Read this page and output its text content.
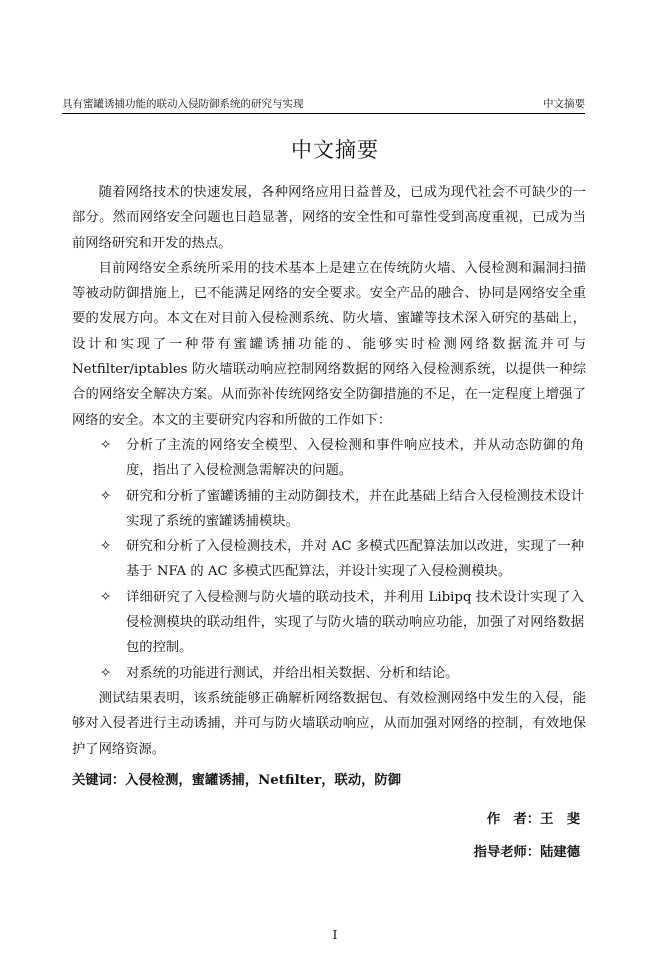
具有蜜罐诱捕功能的联动入侵防御系统的研究与实现	中文摘要
中文摘要

随着网络技术的快速发展，各种网络应用日益普及，已成为现代社会不可缺少的一部分。然而网络安全问题也日趋显著，网络的安全性和可靠性受到高度重视，已成为当前网络研究和开发的热点。

目前网络安全系统所采用的技术基本上是建立在传统防火墙、入侵检测和漏洞扫描等被动防御措施上，已不能满足网络的安全要求。安全产品的融合、协同是网络安全重要的发展方向。本文在对目前入侵检测系统、防火墙、蜜罐等技术深入研究的基础上，设计和实现了一种带有蜜罐诱捕功能的、能够实时检测网络数据流并可与Netfilter/iptables 防火墙联动响应控制网络数据的网络入侵检测系统，以提供一种综合的网络安全解决方案。从而弥补传统网络安全防御措施的不足，在一定程度上增强了网络的安全。本文的主要研究内容和所做的工作如下：

✧ 分析了主流的网络安全模型、入侵检测和事件响应技术，并从动态防御的角度，指出了入侵检测急需解决的问题。
✧ 研究和分析了蜜罐诱捕的主动防御技术，并在此基础上结合入侵检测技术设计实现了系统的蜜罐诱捕模块。
✧ 研究和分析了入侵检测技术，并对 AC 多模式匹配算法加以改进，实现了一种基于 NFA 的 AC 多模式匹配算法，并设计实现了入侵检测模块。
✧ 详细研究了入侵检测与防火墙的联动技术，并利用 Libipq 技术设计实现了入侵检测模块的联动组件，实现了与防火墙的联动响应功能，加强了对网络数据包的控制。
✧ 对系统的功能进行测试，并给出相关数据、分析和结论。

测试结果表明，该系统能够正确解析网络数据包、有效检测网络中发生的入侵，能够对入侵者进行主动诱捕，并可与防火墙联动响应，从而加强对网络的控制，有效地保护了网络资源。

关键词：入侵检测，蜜罐诱捕，Netfilter，联动，防御
作　者：王　斐
指导老师：陆建德
I
